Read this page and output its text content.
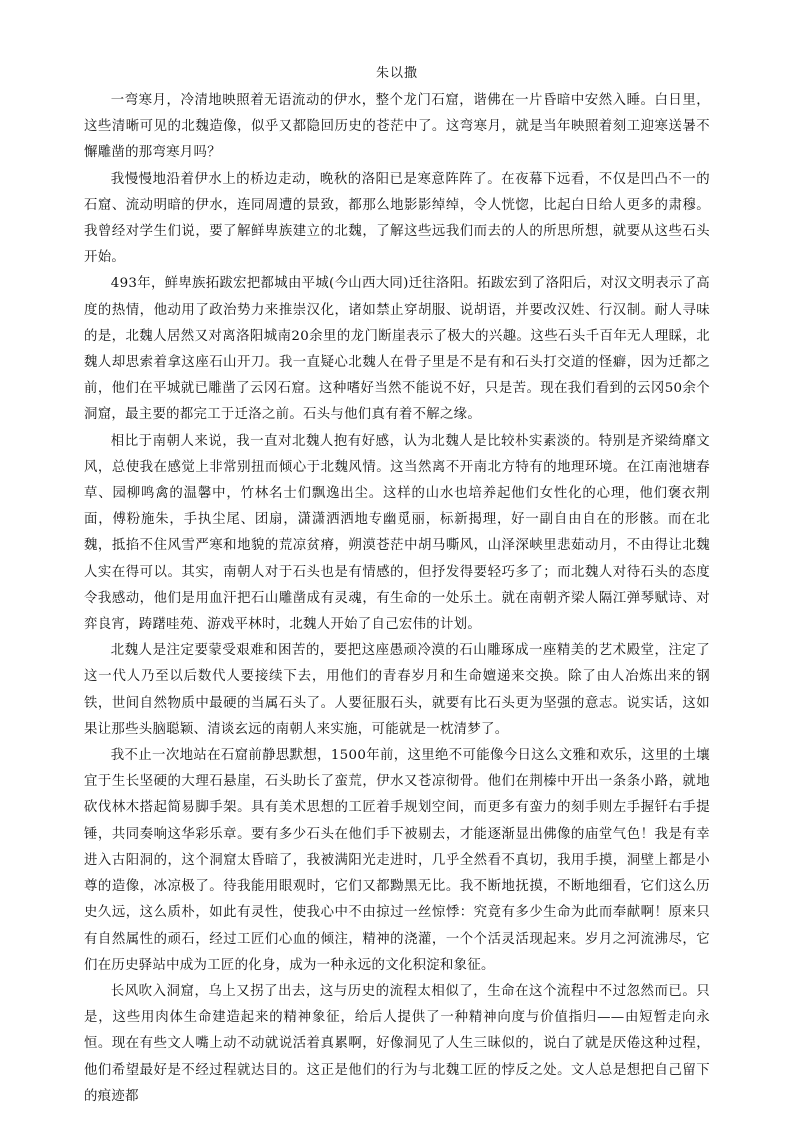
朱以撒

一弯寒月，冷清地映照着无语流动的伊水，整个龙门石窟，谐佛在一片昏暗中安然入睡。白日里，这些清晰可见的北魏造像，似乎又都隐回历史的苍茫中了。这弯寒月，就是当年映照着刻工迎寒送暑不懈雕凿的那弯寒月吗？

我慢慢地沿着伊水上的桥边走动，晚秋的洛阳已是寒意阵阵了。在夜幕下远看，不仅是凹凸不一的石窟、流动明暗的伊水，连同周遭的景致，都那么地影影绰绰，令人恍惚，比起白日给人更多的肃穆。我曾经对学生们说，要了解鲜卑族建立的北魏，了解这些远我们而去的人的所思所想，就要从这些石头开始。

493年，鲜卑族拓跋宏把都城由平城(今山西大同)迁往洛阳。拓跋宏到了洛阳后，对汉文明表示了高度的热情，他动用了政治势力来推崇汉化，诸如禁止穿胡服、说胡语，并要改汉姓、行汉制。耐人寻味的是，北魏人居然又对离洛阳城南20余里的龙门断崖表示了极大的兴趣。这些石头千百年无人理睬，北魏人却思索着拿这座石山开刀。我一直疑心北魏人在骨子里是不是有和石头打交道的怪癖，因为迁都之前，他们在平城就已雕凿了云冈石窟。这种嗜好当然不能说不好，只是苦。现在我们看到的云冈50余个洞窟，最主要的都完工于迁洛之前。石头与他们真有着不解之缘。

相比于南朝人来说，我一直对北魏人抱有好感，认为北魏人是比较朴实素淡的。特别是齐梁绮靡文风，总使我在感觉上非常别扭而倾心于北魏风情。这当然离不开南北方特有的地理环境。在江南池塘春草、园柳鸣禽的温馨中，竹林名士们飘逸出尘。这样的山水也培养起他们女性化的心理，他们褒衣荆面，傅粉施朱，手执尘尾、团扇，潇潇洒洒地专幽觅丽，标新揭理，好一副自由自在的形骸。而在北魏，抵掐不住风雪严寒和地貌的荒凉贫瘠，朔漠苍茫中胡马嘶风，山泽深峡里悲茹动月，不由得让北魏人实在得可以。其实，南朝人对于石头也是有情感的，但抒发得要轻巧多了；而北魏人对待石头的态度令我感动，他们是用血汗把石山雕凿成有灵魂，有生命的一处乐土。就在南朝齐梁人隔江弹琴赋诗、对弈良宵，踌躇哇苑、游戏平林时，北魏人开始了自己宏伟的计划。

北魏人是注定要蒙受艰难和困苦的，要把这座愚顽冷漠的石山雕琢成一座精美的艺术殿堂，注定了这一代人乃至以后数代人要接续下去，用他们的青春岁月和生命嬗递来交换。除了由人冶炼出来的钢铁，世间自然物质中最硬的当属石头了。人要征服石头，就要有比石头更为坚强的意志。说实话，这如果让那些头脑聪颖、清谈玄远的南朝人来实施，可能就是一枕清梦了。

我不止一次地站在石窟前静思默想，1500年前，这里绝不可能像今日这么文雅和欢乐，这里的土壤宜于生长坚硬的大理石悬崖，石头助长了蛮荒，伊水又苍凉彻骨。他们在荆榛中开出一条条小路，就地砍伐林木搭起简易脚手架。具有美术思想的工匠着手规划空间，而更多有蛮力的刻手则左手握钎右手提锤，共同奏响这华彩乐章。要有多少石头在他们手下被剔去，才能逐渐显出佛像的庙堂气色！我是有幸进入古阳洞的，这个洞窟太昏暗了，我被满阳光走进时，几乎全然看不真切，我用手摸，洞壁上都是小尊的造像，冰凉极了。待我能用眼观时，它们又都黝黑无比。我不断地抚摸，不断地细看，它们这么历史久远，这么质朴，如此有灵性，使我心中不由掠过一丝惊悸：究竟有多少生命为此而奉献啊！原来只有自然属性的顽石，经过工匠们心血的倾注，精神的浇灌，一个个活灵活现起来。岁月之河流沸尽，它们在历史驿站中成为工匠的化身，成为一种永远的文化积淀和象征。

长风吹入洞窟，乌上又拐了出去，这与历史的流程太相似了，生命在这个流程中不过忽然而已。只是，这些用肉体生命建造起来的精神象征，给后人提供了一种精神向度与价值指归——由短暂走向永恒。现在有些文人嘴上动不动就说活着真累啊，好像洞见了人生三昧似的，说白了就是厌倦这种过程，他们希望最好是不经过程就达目的。这正是他们的行为与北魏工匠的悖反之处。文人总是想把自己留下的痕迹都
